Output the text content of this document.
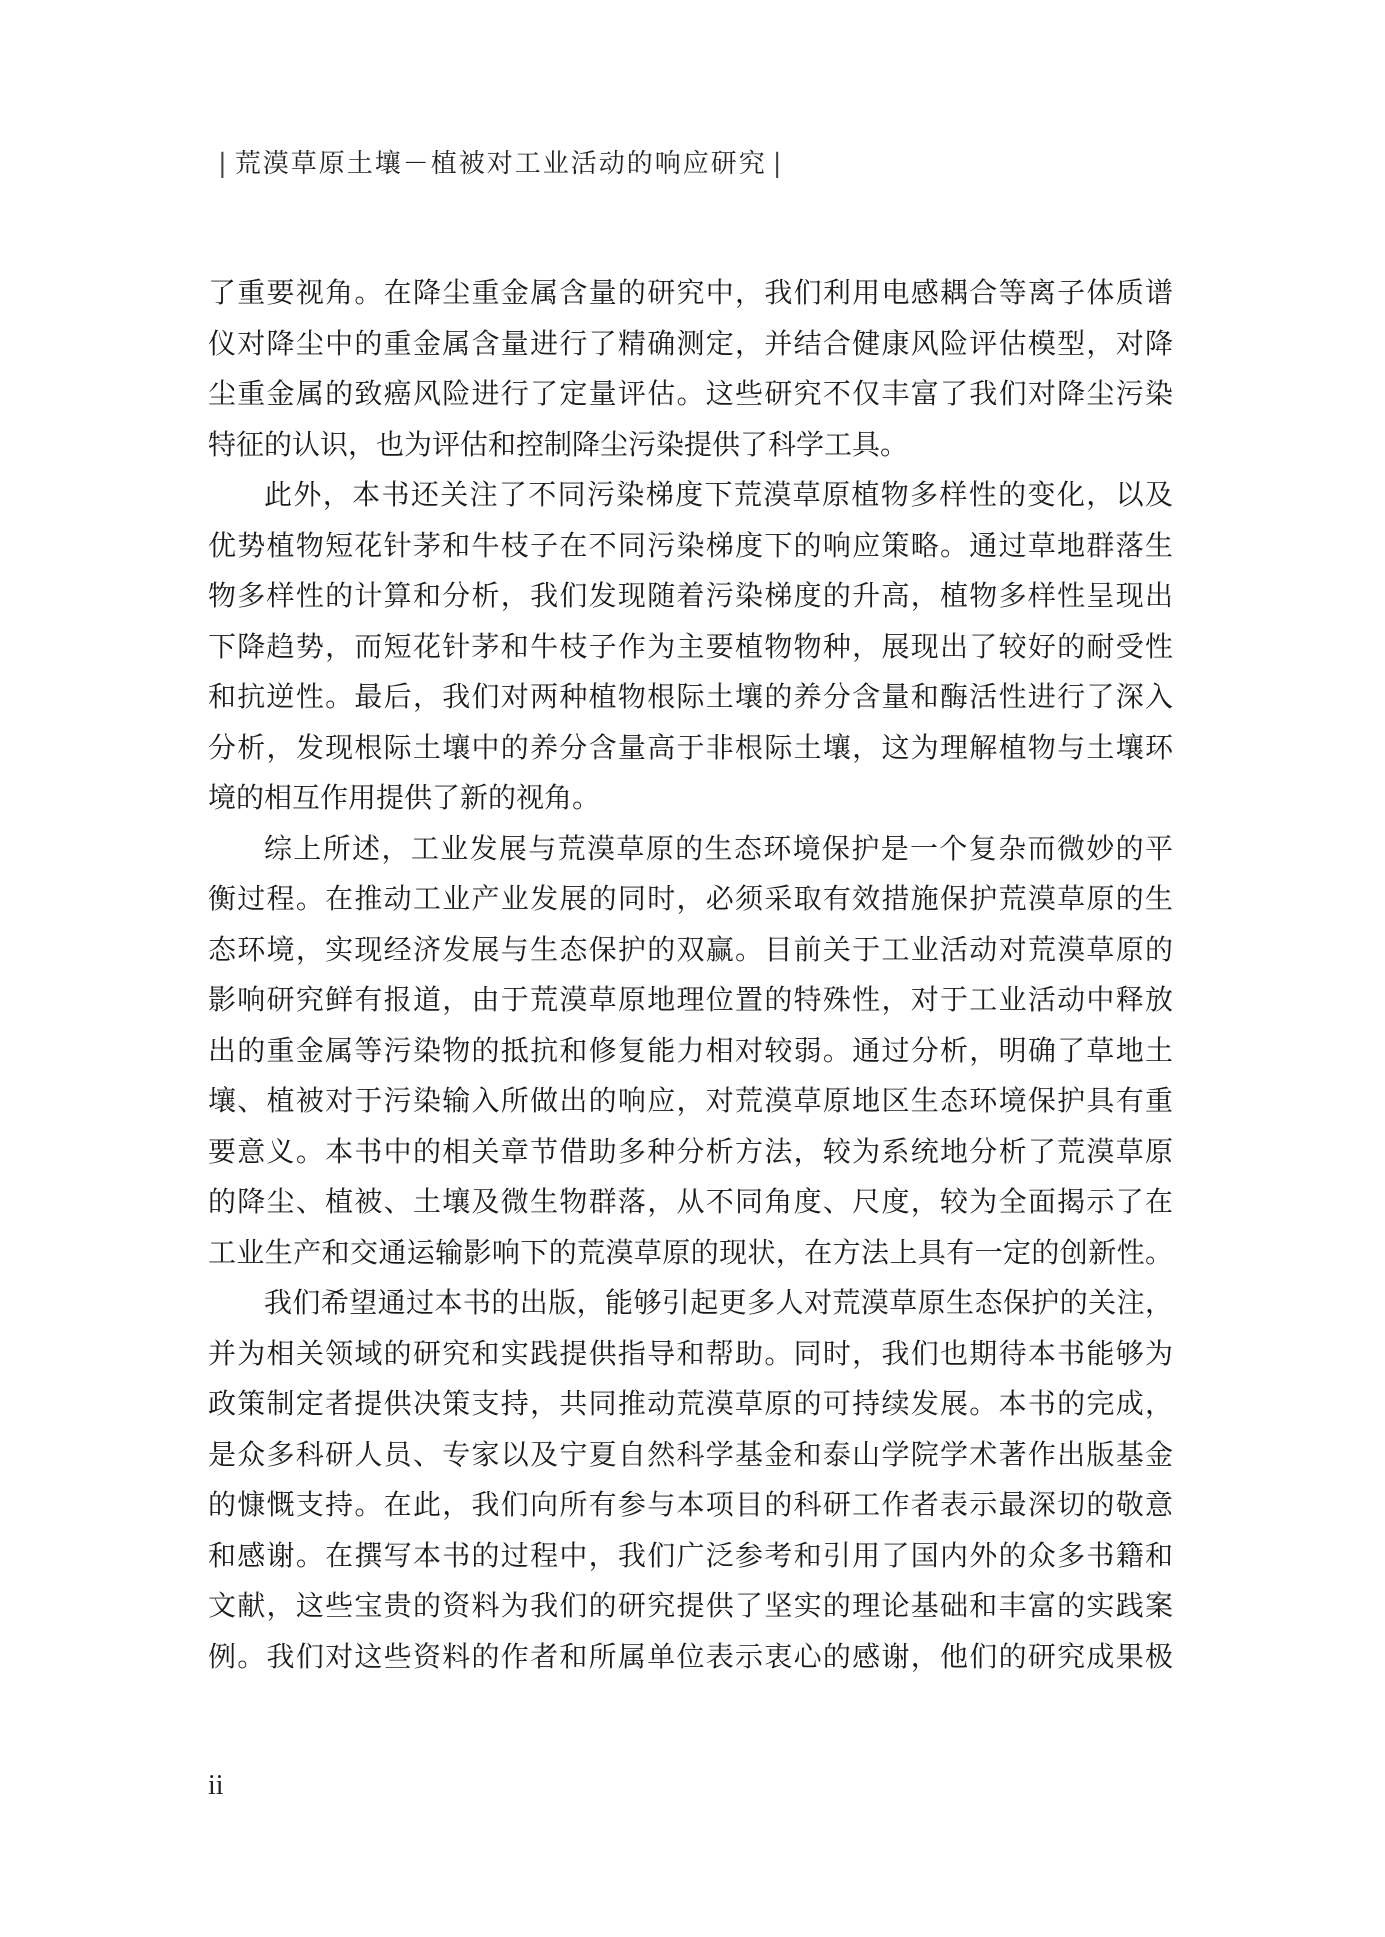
| 荒漠草原土壤－植被对工业活动的响应研究 |
了重要视角。在降尘重金属含量的研究中，我们利用电感耦合等离子体质谱
仪对降尘中的重金属含量进行了精确测定，并结合健康风险评估模型，对降
尘重金属的致癌风险进行了定量评估。这些研究不仅丰富了我们对降尘污染
特征的认识，也为评估和控制降尘污染提供了科学工具。
此外，本书还关注了不同污染梯度下荒漠草原植物多样性的变化，以及
优势植物短花针茅和牛枝子在不同污染梯度下的响应策略。通过草地群落生
物多样性的计算和分析，我们发现随着污染梯度的升高，植物多样性呈现出
下降趋势，而短花针茅和牛枝子作为主要植物物种，展现出了较好的耐受性
和抗逆性。最后，我们对两种植物根际土壤的养分含量和酶活性进行了深入
分析，发现根际土壤中的养分含量高于非根际土壤，这为理解植物与土壤环
境的相互作用提供了新的视角。
综上所述，工业发展与荒漠草原的生态环境保护是一个复杂而微妙的平
衡过程。在推动工业产业发展的同时，必须采取有效措施保护荒漠草原的生
态环境，实现经济发展与生态保护的双赢。目前关于工业活动对荒漠草原的
影响研究鲜有报道，由于荒漠草原地理位置的特殊性，对于工业活动中释放
出的重金属等污染物的抵抗和修复能力相对较弱。通过分析，明确了草地土
壤、植被对于污染输入所做出的响应，对荒漠草原地区生态环境保护具有重
要意义。本书中的相关章节借助多种分析方法，较为系统地分析了荒漠草原
的降尘、植被、土壤及微生物群落，从不同角度、尺度，较为全面揭示了在
工业生产和交通运输影响下的荒漠草原的现状，在方法上具有一定的创新性。
我们希望通过本书的出版，能够引起更多人对荒漠草原生态保护的关注，
并为相关领域的研究和实践提供指导和帮助。同时，我们也期待本书能够为
政策制定者提供决策支持，共同推动荒漠草原的可持续发展。本书的完成，
是众多科研人员、专家以及宁夏自然科学基金和泰山学院学术著作出版基金
的慷慨支持。在此，我们向所有参与本项目的科研工作者表示最深切的敬意
和感谢。在撰写本书的过程中，我们广泛参考和引用了国内外的众多书籍和
文献，这些宝贵的资料为我们的研究提供了坚实的理论基础和丰富的实践案
例。我们对这些资料的作者和所属单位表示衷心的感谢，他们的研究成果极
ii
